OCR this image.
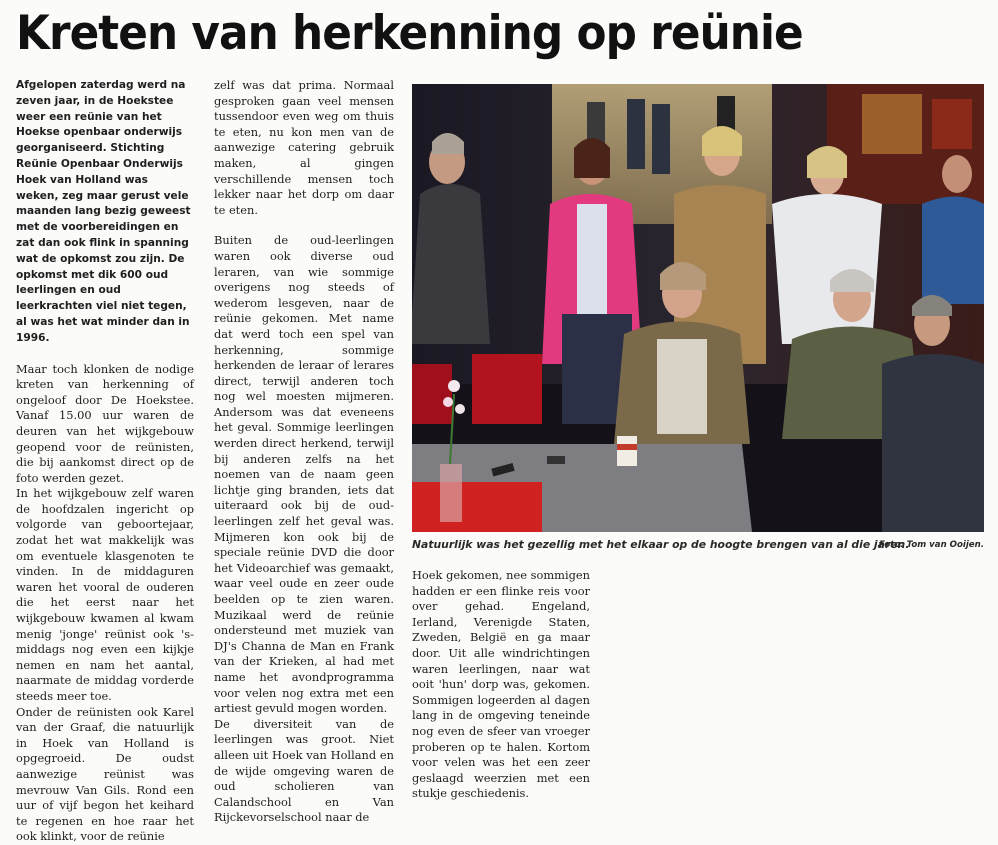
Kreten van herkenning op reünie

Afgelopen zaterdag werd na zeven jaar, in de Hoekstee weer een reünie van het Hoekse openbaar onderwijs georganiseerd. Stichting Reünie Openbaar Onderwijs Hoek van Holland was weken, zeg maar gerust vele maanden lang bezig geweest met de voorbereidingen en zat dan ook flink in spanning wat de opkomst zou zijn. De opkomst met dik 600 oud leerlingen en oud leerkrachten viel niet tegen, al was het wat minder dan in 1996.

Maar toch klonken de nodige kreten van herkenning of ongeloof door De Hoekstee. Vanaf 15.00 uur waren de deuren van het wijkgebouw geopend voor de reünisten, die bij aankomst direct op de foto werden gezet.

In het wijkgebouw zelf waren de hoofdzalen ingericht op volgorde van geboortejaar, zodat het wat makkelijk was om eventuele klasgenoten te vinden. In de middaguren waren het vooral de ouderen die het eerst naar het wijkgebouw kwamen al kwam menig 'jonge' reünist ook 's-middags nog even een kijkje nemen en nam het aantal, naarmate de middag vorderde steeds meer toe.

Onder de reünisten ook Karel van der Graaf, die natuurlijk in Hoek van Holland is opgegroeid. De oudst aanwezige reünist was mevrouw Van Gils. Rond een uur of vijf begon het keihard te regenen en hoe raar het ook klinkt, voor de reünie

zelf was dat prima. Normaal gesproken gaan veel mensen tussendoor even weg om thuis te eten, nu kon men van de aanwezige catering gebruik maken, al gingen verschillende mensen toch lekker naar het dorp om daar te eten.

Buiten de oud-leerlingen waren ook diverse oud leraren, van wie sommige overigens nog steeds of wederom lesgeven, naar de reünie gekomen. Met name dat werd toch een spel van herkenning, sommige herkenden de leraar of lerares direct, terwijl anderen toch nog wel moesten mijmeren. Andersom was dat eveneens het geval. Sommige leerlingen werden direct herkend, terwijl bij anderen zelfs na het noemen van de naam geen lichtje ging branden, iets dat uiteraard ook bij de oud-leerlingen zelf het geval was. Mijmeren kon ook bij de speciale reünie DVD die door het Videoarchief was gemaakt, waar veel oude en zeer oude beelden op te zien waren. Muzikaal werd de reünie ondersteund met muziek van DJ's Channa de Man en Frank van der Krieken, al had met name het avondprogramma voor velen nog extra met een artiest gevuld mogen worden.

De diversiteit van de leerlingen was groot. Niet alleen uit Hoek van Holland en de wijde omgeving waren de oud scholieren van Calandschool en Van Rijckevorselschool naar de

Hoek gekomen, nee sommigen hadden er een flinke reis voor over gehad. Engeland, Ierland, Verenigde Staten, Zweden, België en ga maar door. Uit alle windrichtingen waren leerlingen, naar wat ooit 'hun' dorp was, gekomen. Sommigen logeerden al dagen lang in de omgeving teneinde nog even de sfeer van vroeger proberen op te halen. Kortom voor velen was het een zeer geslaagd weerzien met een stukje geschiedenis.

Natuurlijk was het gezellig met het elkaar op de hoogte brengen van al die jaren.
Foto: Tom van Ooijen.
